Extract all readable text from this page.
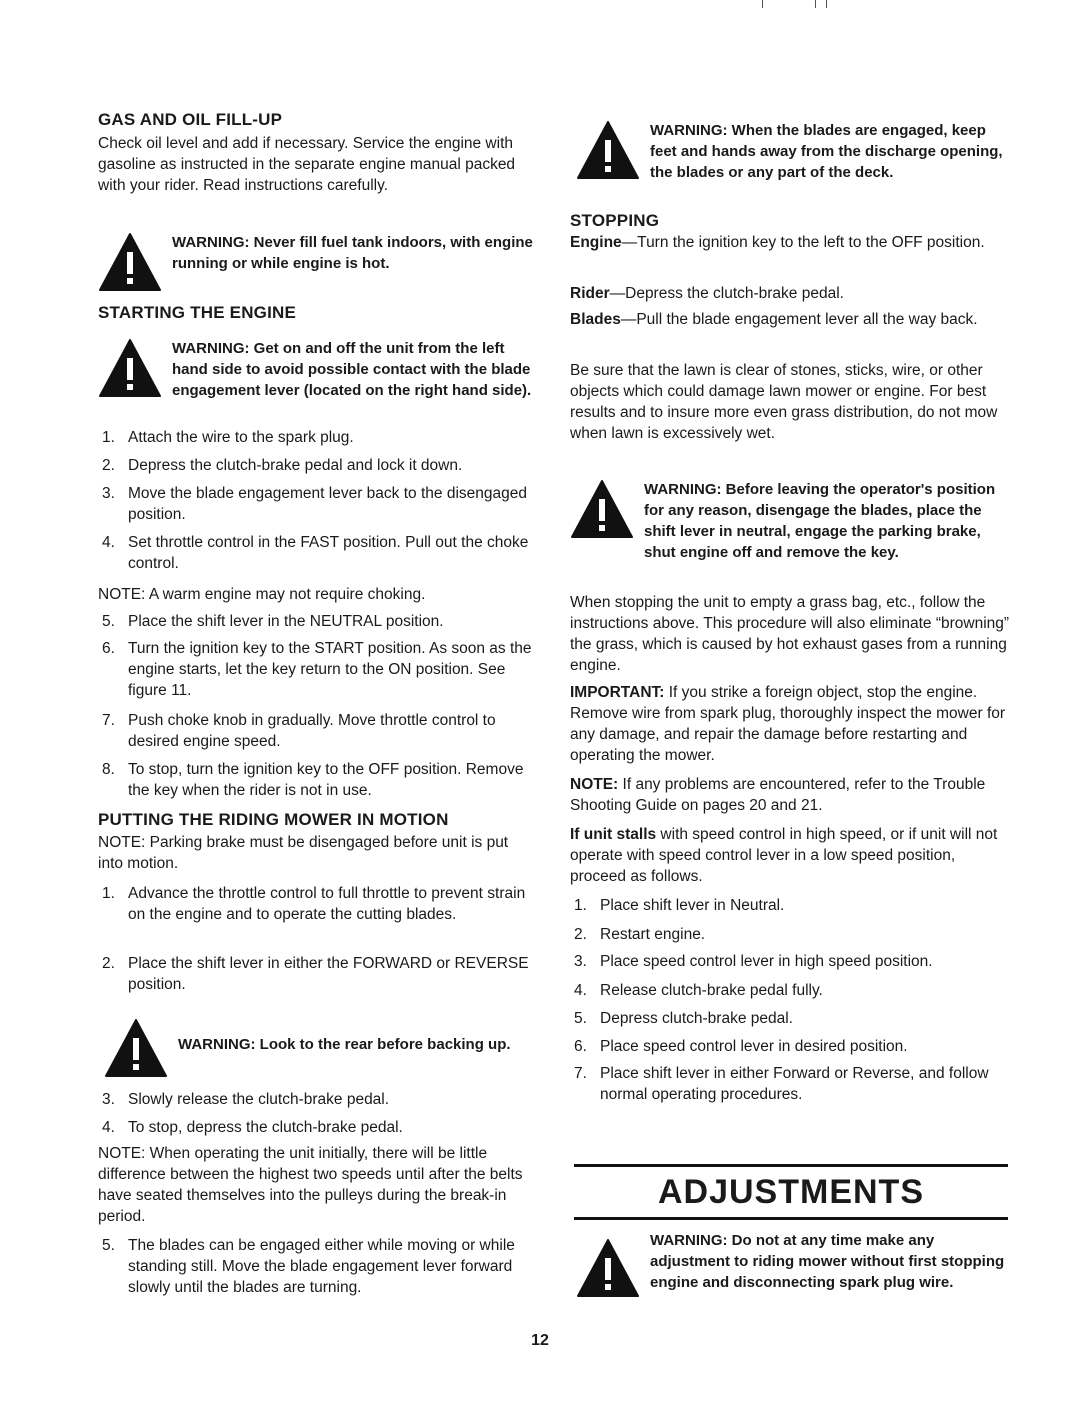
GAS AND OIL FILL-UP

Check oil level and add if necessary. Service the engine with gasoline as instructed in the separate engine manual packed with your rider. Read instructions carefully.

WARNING: Never fill fuel tank indoors, with engine running or while engine is hot.
STARTING THE ENGINE
WARNING: Get on and off the unit from the left hand side to avoid possible contact with the blade engagement lever (located on the right hand side).
1. Attach the wire to the spark plug.
2. Depress the clutch-brake pedal and lock it down.
3. Move the blade engagement lever back to the disengaged position.
4. Set throttle control in the FAST position. Pull out the choke control.

NOTE: A warm engine may not require choking.

5. Place the shift lever in the NEUTRAL position.
6. Turn the ignition key to the START position. As soon as the engine starts, let the key return to the ON position. See figure 11.
7. Push choke knob in gradually. Move throttle control to desired engine speed.
8. To stop, turn the ignition key to the OFF position. Remove the key when the rider is not in use.
PUTTING THE RIDING MOWER IN MOTION

NOTE: Parking brake must be disengaged before unit is put into motion.

1. Advance the throttle control to full throttle to prevent strain on the engine and to operate the cutting blades.
2. Place the shift lever in either the FORWARD or REVERSE position.
WARNING: Look to the rear before backing up.
3. Slowly release the clutch-brake pedal.
4. To stop, depress the clutch-brake pedal.

NOTE: When operating the unit initially, there will be little difference between the highest two speeds until after the belts have seated themselves into the pulleys during the break-in period.

5. The blades can be engaged either while moving or while standing still. Move the blade engagement lever forward slowly until the blades are turning.
WARNING: When the blades are engaged, keep feet and hands away from the discharge opening, the blades or any part of the deck.
STOPPING

Engine—Turn the ignition key to the left to the OFF position.

Rider—Depress the clutch-brake pedal.

Blades—Pull the blade engagement lever all the way back.

Be sure that the lawn is clear of stones, sticks, wire, or other objects which could damage lawn mower or engine. For best results and to insure more even grass distribution, do not mow when lawn is excessively wet.

WARNING: Before leaving the operator's position for any reason, disengage the blades, place the shift lever in neutral, engage the parking brake, shut engine off and remove the key.

When stopping the unit to empty a grass bag, etc., follow the instructions above. This procedure will also eliminate “browning” the grass, which is caused by hot exhaust gases from a running engine.

IMPORTANT: If you strike a foreign object, stop the engine. Remove wire from spark plug, thoroughly inspect the mower for any damage, and repair the damage before restarting and operating the mower.

NOTE: If any problems are encountered, refer to the Trouble Shooting Guide on pages 20 and 21.

If unit stalls with speed control in high speed, or if unit will not operate with speed control lever in a low speed position, proceed as follows.

1. Place shift lever in Neutral.
2. Restart engine.
3. Place speed control lever in high speed position.
4. Release clutch-brake pedal fully.
5. Depress clutch-brake pedal.
6. Place speed control lever in desired position.
7. Place shift lever in either Forward or Reverse, and follow normal operating procedures.
WARNING: Do not at any time make any adjustment to riding mower without first stopping engine and disconnecting spark plug wire.
ADJUSTMENTS
12
